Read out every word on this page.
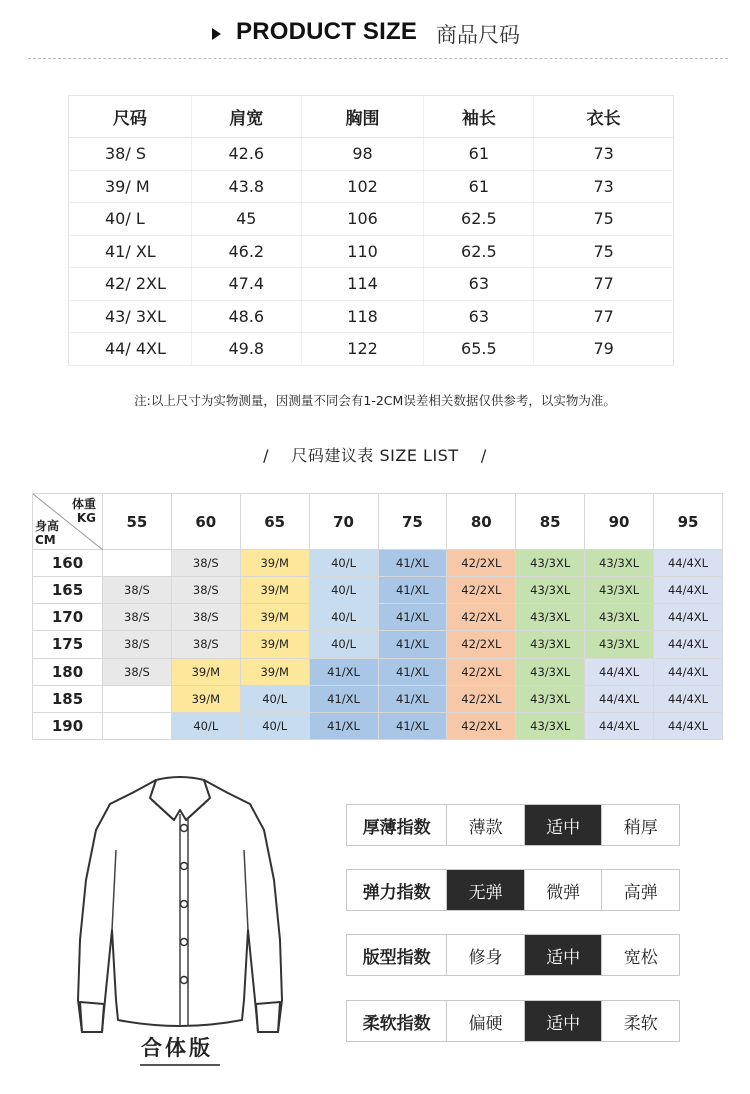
PRODUCT SIZE 商品尺码
尺码	肩宽	胸围	袖长	衣长
38/ S	42.6	98	61	73
39/ M	43.8	102	61	73
40/ L	45	106	62.5	75
41/ XL	46.2	110	62.5	75
42/ 2XL	47.4	114	63	77
43/ 3XL	48.6	118	63	77
44/ 4XL	49.8	122	65.5	79
注:以上尺寸为实物测量，因测量不同会有1-2CM误差相关数据仅供参考，以实物为准。
/    尺码建议表 SIZE LIST    /
体重
KG
身高
CM	55	60	65	70	75	80	85	90	95
160		38/S	39/M	40/L	41/XL	42/2XL	43/3XL	43/3XL	44/4XL
165	38/S	38/S	39/M	40/L	41/XL	42/2XL	43/3XL	43/3XL	44/4XL
170	38/S	38/S	39/M	40/L	41/XL	42/2XL	43/3XL	43/3XL	44/4XL
175	38/S	38/S	39/M	40/L	41/XL	42/2XL	43/3XL	43/3XL	44/4XL
180	38/S	39/M	39/M	41/XL	41/XL	42/2XL	43/3XL	44/4XL	44/4XL
185		39/M	40/L	41/XL	41/XL	42/2XL	43/3XL	44/4XL	44/4XL
190		40/L	40/L	41/XL	41/XL	42/2XL	43/3XL	44/4XL	44/4XL
合体版
厚薄指数	薄款	适中	稍厚
弹力指数	无弹	微弹	高弹
版型指数	修身	适中	宽松
柔软指数	偏硬	适中	柔软
